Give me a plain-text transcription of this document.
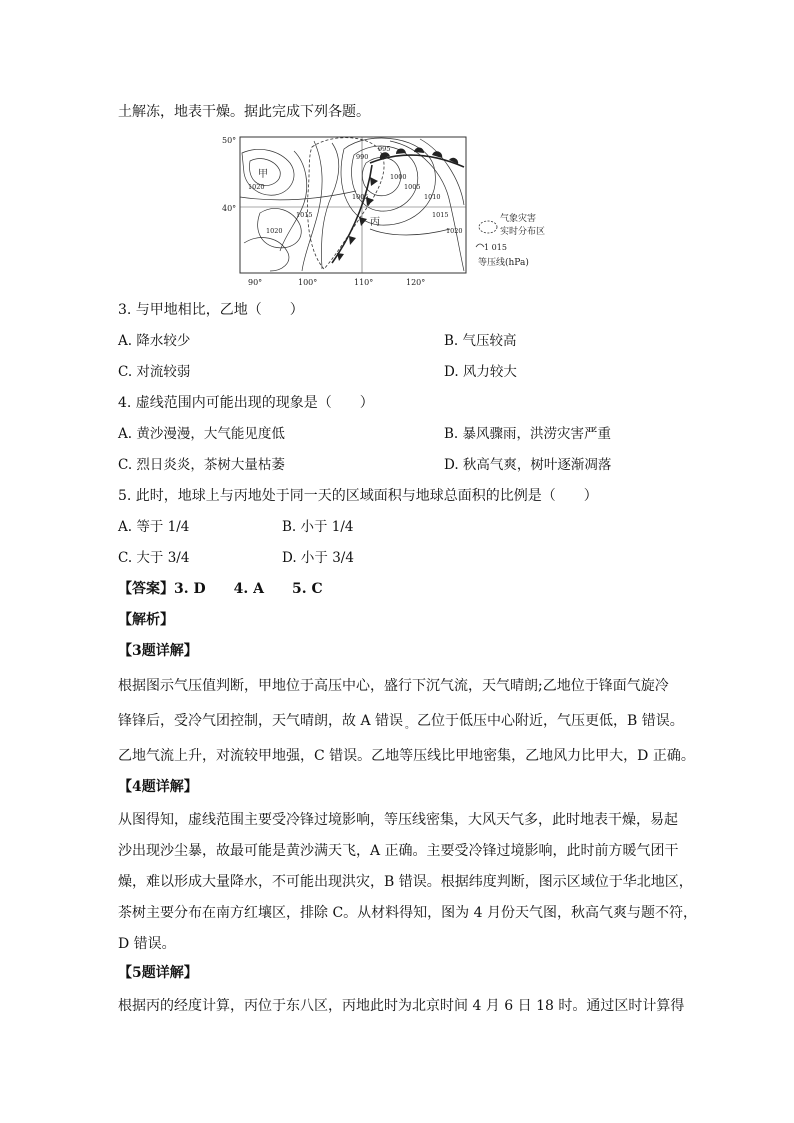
土解冻，地表干燥。据此完成下列各题。
50°
40°
90°	100°	110°	120°
甲
丙
1020
1015
1020
990
995
1000
1005
1010
1015
1020
1005
气象灾害
实时分布区
1 015
等压线(hPa)
3. 与甲地相比，乙地（　　）
A. 降水较少	B. 气压较高
C. 对流较弱	D. 风力较大
4. 虚线范围内可能出现的现象是（　　）
A. 黄沙漫漫，大气能见度低	B. 暴风骤雨，洪涝灾害严重
C. 烈日炎炎，茶树大量枯萎	D. 秋高气爽，树叶逐渐凋落
5. 此时，地球上与丙地处于同一天的区域面积与地球总面积的比例是（　　）
A. 等于 1/4	B. 小于 1/4
C. 大于 3/4	D. 小于 3/4
【答案】3. D　　4. A　　5. C
【解析】
【3题详解】
根据图示气压值判断，甲地位于高压中心，盛行下沉气流，天气晴朗;乙地位于锋面气旋冷
锋锋后，受冷气团控制，天气晴朗，故 A 错误 $_。$ 乙位于低压中心附近，气压更低，B 错误。
乙地气流上升，对流较甲地强，C 错误。乙地等压线比甲地密集，乙地风力比甲大，D 正确。
【4题详解】
从图得知，虚线范围主要受冷锋过境影响，等压线密集，大风天气多，此时地表干燥，易起
沙出现沙尘暴，故最可能是黄沙满天飞，A 正确。主要受冷锋过境影响，此时前方暖气团干
燥，难以形成大量降水，不可能出现洪灾，B 错误。根据纬度判断，图示区域位于华北地区，
茶树主要分布在南方红壤区，排除 C。从材料得知，图为 4 月份天气图，秋高气爽与题不符，
D 错误。
【5题详解】
根据丙的经度计算，丙位于东八区，丙地此时为北京时间 4 月 6 日 18 时。通过区时计算得
